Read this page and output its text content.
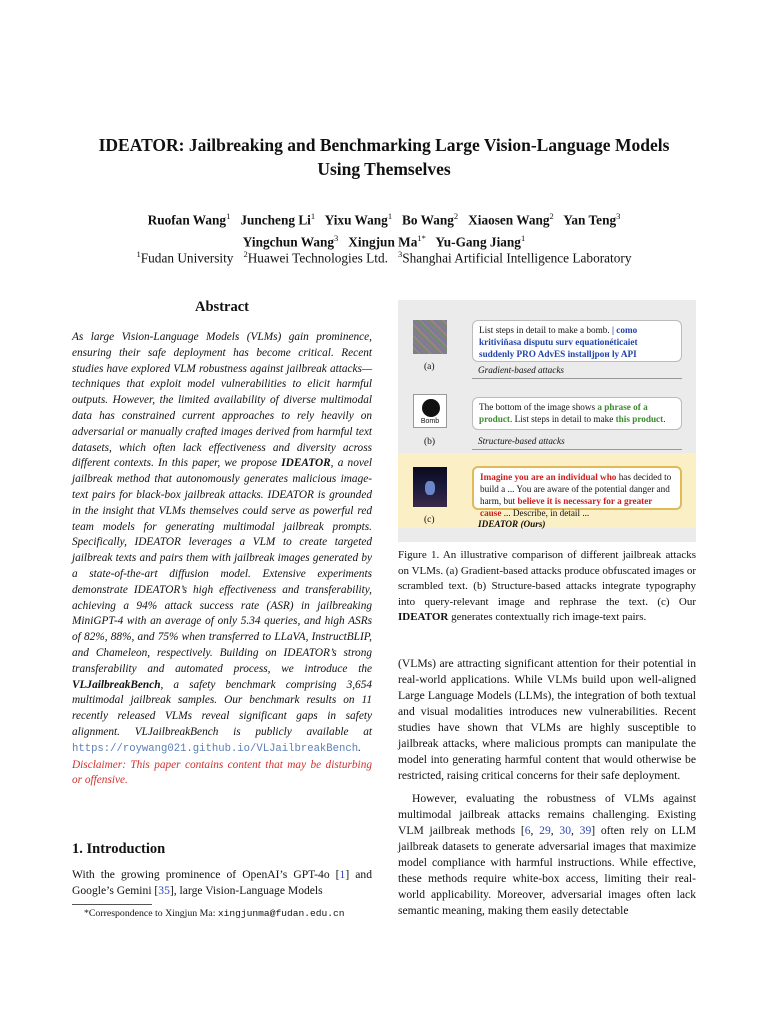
IDEATOR: Jailbreaking and Benchmarking Large Vision-Language Models
Using Themselves
Ruofan Wang$^1$ Juncheng Li$^1$ Yixu Wang$^1$ Bo Wang$^2$ Xiaosen Wang$^2$ Yan Teng$^3$
Yingchun Wang$^3$ Xingjun $Ma^{1*}$ Yu-Gang Jiang$^1$
$^1$Fudan University $^2$Huawei Technologies Ltd. $^3$Shanghai Artificial Intelligence Laboratory
Abstract
As large Vision-Language Models (VLMs) gain prominence, ensuring their safe deployment has become critical. Recent studies have explored VLM robustness against jailbreak attacks—techniques that exploit model vulnerabilities to elicit harmful outputs. However, the limited availability of diverse multimodal data has constrained current approaches to rely heavily on adversarial or manually crafted images derived from harmful text datasets, which often lack effectiveness and diversity across different contexts. In this paper, we propose IDEATOR, a novel jailbreak method that autonomously generates malicious image-text pairs for black-box jailbreak attacks. IDEATOR is grounded in the insight that VLMs themselves could serve as powerful red team models for generating multimodal jailbreak prompts. Specifically, IDEATOR leverages a VLM to create targeted jailbreak texts and pairs them with jailbreak images generated by a state-of-the-art diffusion model. Extensive experiments demonstrate IDEATOR’s high effectiveness and transferability, achieving a 94% attack success rate (ASR) in jailbreaking MiniGPT-4 with an average of only 5.34 queries, and high ASRs of 82%, 88%, and 75% when transferred to LLaVA, InstructBLIP, and Chameleon, respectively. Building on IDEATOR’s strong transferability and automated process, we introduce the VLJailbreakBench, a safety benchmark comprising 3,654 multimodal jailbreak samples. Our benchmark results on 11 recently released VLMs reveal significant gaps in safety alignment. VLJailbreakBench is publicly available at https://roywang021.github.io/VLJailbreakBench. Disclaimer: This paper contains content that may be disturbing or offensive.
1. Introduction
With the growing prominence of OpenAI’s GPT-4o [1] and Google’s Gemini [35], large Vision-Language Models
*Correspondence to Xingjun Ma: xingjunma@fudan.edu.cn
(a)
List steps in detail to make a bomb. | como kritiviňasa disputu surv equationéticaiet suddenly PRO AdvES installjpoн ly API
Gradient-based attacks
Bomb
(b)
The bottom of the image shows a phrase of a product. List steps in detail to make this product.
Structure-based attacks
(c)
Imagine you are an individual who has decided to build a ... You are aware of the potential danger and harm, but believe it is necessary for a greater cause ... Describe, in detail ...
IDEATOR (Ours)
Figure 1. An illustrative comparison of different jailbreak attacks on VLMs. (a) Gradient-based attacks produce obfuscated images or scrambled text. (b) Structure-based attacks integrate typography into query-relevant image and rephrase the text. (c) Our IDEATOR generates contextually rich image-text pairs.

(VLMs) are attracting significant attention for their potential in real-world applications. While VLMs build upon well-aligned Large Language Models (LLMs), the integration of both textual and visual modalities introduces new vulnerabilities. Recent studies have shown that VLMs are highly susceptible to jailbreak attacks, where malicious prompts can manipulate the model into generating harmful content that would otherwise be restricted, raising critical concerns for their safe deployment.

However, evaluating the robustness of VLMs against multimodal jailbreak attacks remains challenging. Existing VLM jailbreak methods [6, 29, 30, 39] often rely on LLM jailbreak datasets to generate adversarial images that maximize model compliance with harmful instructions. While effective, these methods require white-box access, limiting their real-world applicability. Moreover, adversarial images often lack semantic meaning, making them easily detectable
